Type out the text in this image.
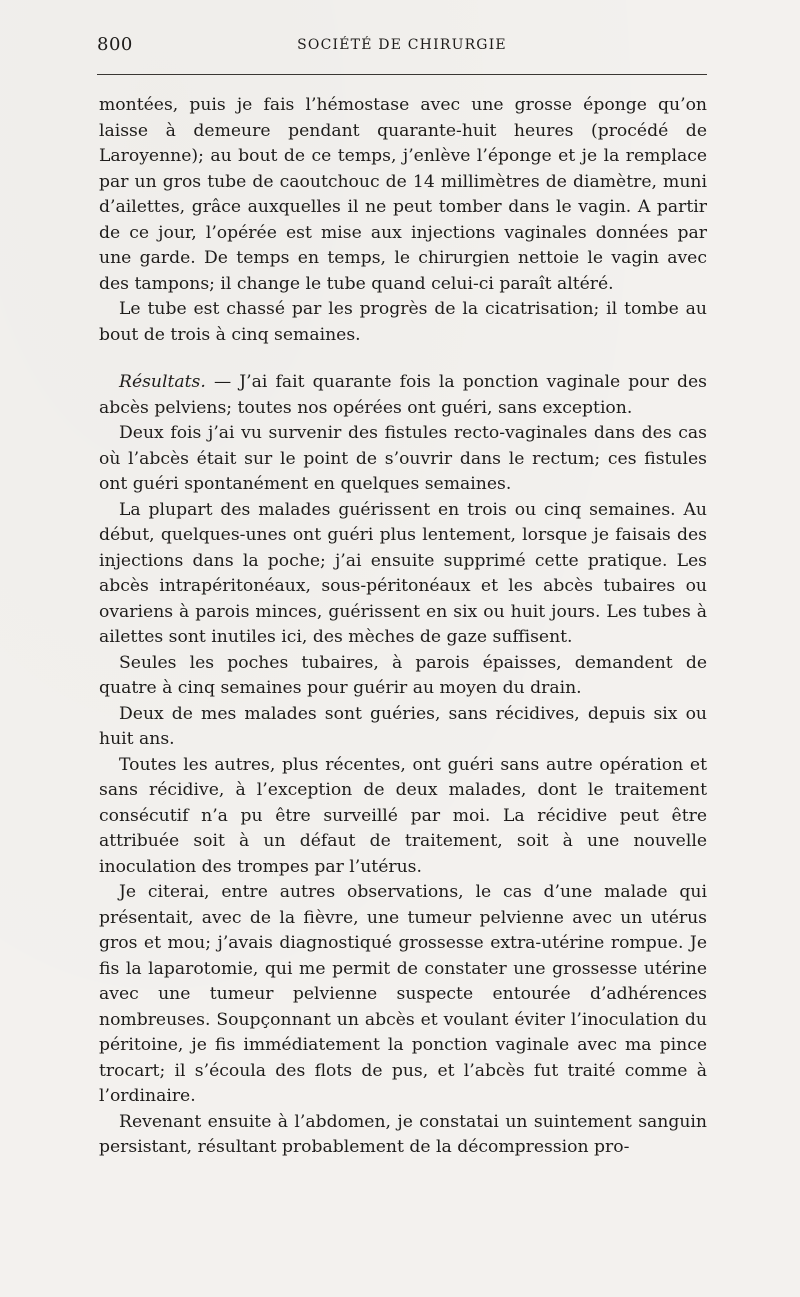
800	SOCIÉTÉ DE CHIRURGIE

montées, puis je fais l’hémostase avec une grosse éponge qu’on laisse à demeure pendant quarante-huit heures (procédé de Laroyenne); au bout de ce temps, j’enlève l’éponge et je la remplace par un gros tube de caoutchouc de 14 millimètres de diamètre, muni d’ailettes, grâce auxquelles il ne peut tomber dans le vagin. A partir de ce jour, l’opérée est mise aux injections vaginales données par une garde. De temps en temps, le chirurgien nettoie le vagin avec des tampons; il change le tube quand celui-ci paraît altéré.

Le tube est chassé par les progrès de la cicatrisation; il tombe au bout de trois à cinq semaines.

Résultats. — J’ai fait quarante fois la ponction vaginale pour des abcès pelviens; toutes nos opérées ont guéri, sans exception.

Deux fois j’ai vu survenir des fistules recto-vaginales dans des cas où l’abcès était sur le point de s’ouvrir dans le rectum; ces fistules ont guéri spontanément en quelques semaines.

La plupart des malades guérissent en trois ou cinq semaines. Au début, quelques-unes ont guéri plus lentement, lorsque je faisais des injections dans la poche; j’ai ensuite supprimé cette pratique. Les abcès intrapéritonéaux, sous-péritonéaux et les abcès tubaires ou ovariens à parois minces, guérissent en six ou huit jours. Les tubes à ailettes sont inutiles ici, des mèches de gaze suffisent.

Seules les poches tubaires, à parois épaisses, demandent de quatre à cinq semaines pour guérir au moyen du drain.

Deux de mes malades sont guéries, sans récidives, depuis six ou huit ans.

Toutes les autres, plus récentes, ont guéri sans autre opération et sans récidive, à l’exception de deux malades, dont le traitement consécutif n’a pu être surveillé par moi. La récidive peut être attribuée soit à un défaut de traitement, soit à une nouvelle inoculation des trompes par l’utérus.

Je citerai, entre autres observations, le cas d’une malade qui présentait, avec de la fièvre, une tumeur pelvienne avec un utérus gros et mou; j’avais diagnostiqué grossesse extra-utérine rompue. Je fis la laparotomie, qui me permit de constater une grossesse utérine avec une tumeur pelvienne suspecte entourée d’adhérences nombreuses. Soupçonnant un abcès et voulant éviter l’inoculation du péritoine, je fis immédiatement la ponction vaginale avec ma pince trocart; il s’écoula des flots de pus, et l’abcès fut traité comme à l’ordinaire.

Revenant ensuite à l’abdomen, je constatai un suintement sanguin persistant, résultant probablement de la décompression pro-
